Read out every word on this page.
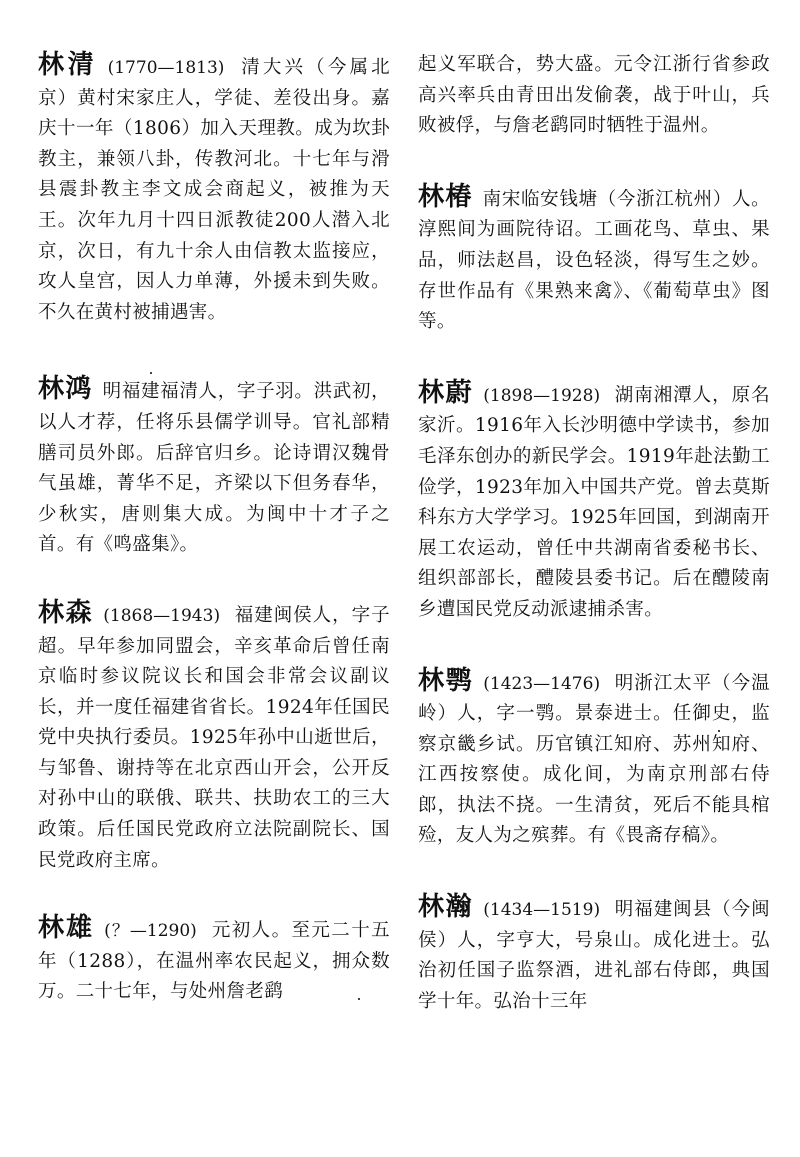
林清 (1770—1813) 清大兴（今属北京）黄村宋家庄人，学徒、差役出身。嘉庆十一年（1806）加入天理教。成为坎卦教主，兼领八卦，传教河北。十七年与滑县震卦教主李文成会商起义，被推为天王。次年九月十四日派教徒200人潜入北京，次日，有九十余人由信教太监接应，攻人皇宫，因人力单薄，外援未到失败。不久在黄村被捕遇害。

林鸿 明福建福清人，字子羽。洪武初，以人才荐，任将乐县儒学训导。官礼部精膳司员外郎。后辞官归乡。论诗谓汉魏骨气虽雄，菁华不足，齐梁以下但务春华，少秋实，唐则集大成。为闽中十才子之首。有《鸣盛集》。

林森 (1868—1943) 福建闽侯人，字子超。早年参加同盟会，辛亥革命后曾任南京临时参议院议长和国会非常会议副议长，并一度任福建省省长。1924年任国民党中央执行委员。1925年孙中山逝世后，与邹鲁、谢持等在北京西山开会，公开反对孙中山的联俄、联共、扶助农工的三大政策。后任国民党政府立法院副院长、国民党政府主席。

林雄 (？—1290) 元初人。至元二十五年（1288），在温州率农民起义，拥众数万。二十七年，与处州詹老鹞

起义军联合，势大盛。元令江浙行省参政高兴率兵由青田出发偷袭，战于叶山，兵败被俘，与詹老鹞同时牺牲于温州。

林椿 南宋临安钱塘（今浙江杭州）人。淳熙间为画院待诏。工画花鸟、草虫、果品，师法赵昌，设色轻淡，得写生之妙。存世作品有《果熟来禽》、《葡萄草虫》图等。

林蔚 (1898—1928) 湖南湘潭人，原名家沂。1916年入长沙明德中学读书，参加毛泽东创办的新民学会。1919年赴法勤工俭学，1923年加入中国共产党。曾去莫斯科东方大学学习。1925年回国，到湖南开展工农运动，曾任中共湖南省委秘书长、组织部部长，醴陵县委书记。后在醴陵南乡遭国民党反动派逮捕杀害。

林鹗 (1423—1476) 明浙江太平（今温岭）人，字一鹗。景泰进士。任御史，监察京畿乡试。历官镇江知府、苏州知府、江西按察使。成化间，为南京刑部右侍郎，执法不挠。一生清贫，死后不能具棺殓，友人为之殡葬。有《畏斋存稿》。

林瀚 (1434—1519) 明福建闽县（今闽侯）人，字亨大，号泉山。成化进士。弘治初任国子监祭酒，进礼部右侍郎，典国学十年。弘治十三年
